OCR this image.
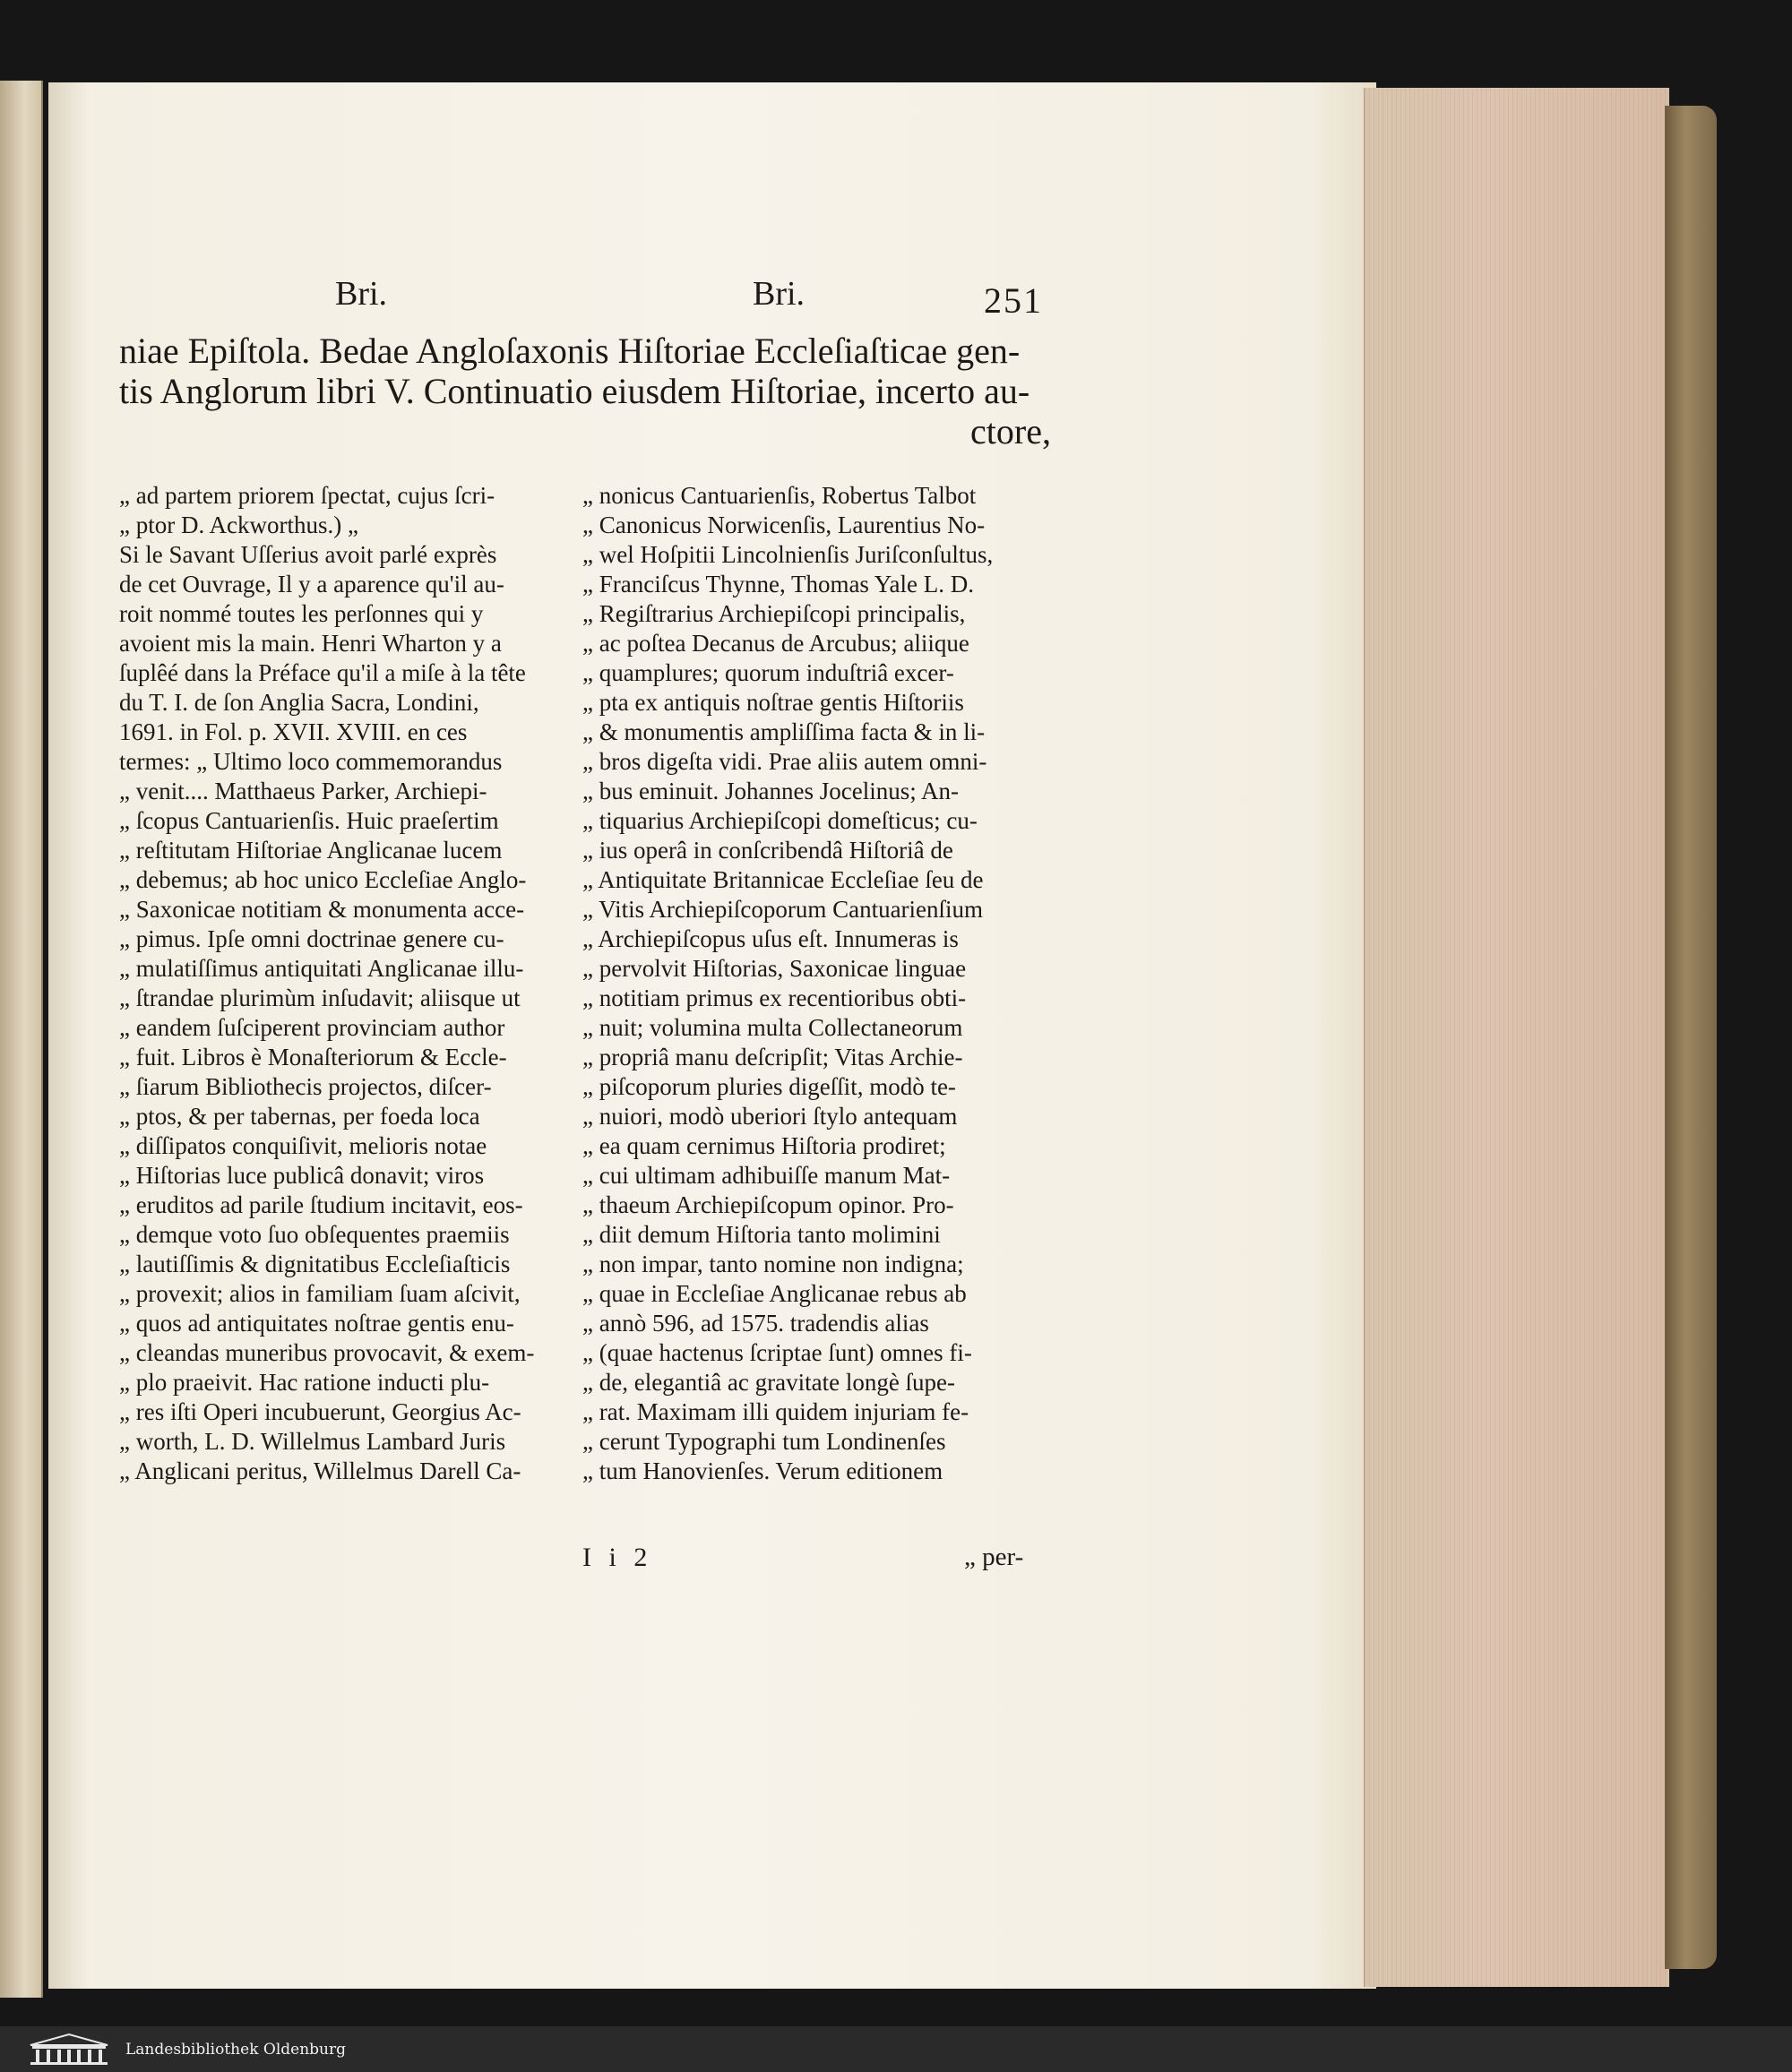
Bri.	Bri.	251
niae Epiſtola. Bedae Angloſaxonis Hiſtoriae Eccleſiaſticae gen-
tis Anglorum libri V. Continuatio eiusdem Hiſtoriae, incerto au-
ctore,
„ ad partem priorem ſpectat, cujus ſcri-
„ ptor D. Ackworthus.) „
Si le Savant Uſſerius avoit parlé exprès
de cet Ouvrage, Il y a aparence qu'il au-
roit nommé toutes les perſonnes qui y
avoient mis la main. Henri Wharton y a
ſuplêé dans la Préface qu'il a miſe à la tête
du T. I. de ſon Anglia Sacra, Londini,
1691. in Fol. p. XVII. XVIII. en ces
termes: „ Ultimo loco commemorandus
„ venit.... Matthaeus Parker, Archiepi-
„ ſcopus Cantuarienſis. Huic praeſertim
„ reſtitutam Hiſtoriae Anglicanae lucem
„ debemus; ab hoc unico Eccleſiae Anglo-
„ Saxonicae notitiam & monumenta acce-
„ pimus. Ipſe omni doctrinae genere cu-
„ mulatiſſimus antiquitati Anglicanae illu-
„ ſtrandae plurimùm inſudavit; aliisque ut
„ eandem ſuſciperent provinciam author
„ fuit. Libros è Monaſteriorum & Eccle-
„ ſiarum Bibliothecis projectos, diſcer-
„ ptos, & per tabernas, per foeda loca
„ diſſipatos conquiſivit, melioris notae
„ Hiſtorias luce publicâ donavit; viros
„ eruditos ad parile ſtudium incitavit, eos-
„ demque voto ſuo obſequentes praemiis
„ lautiſſimis & dignitatibus Eccleſiaſticis
„ provexit; alios in familiam ſuam aſcivit,
„ quos ad antiquitates noſtrae gentis enu-
„ cleandas muneribus provocavit, & exem-
„ plo praeivit. Hac ratione inducti plu-
„ res iſti Operi incubuerunt, Georgius Ac-
„ worth, L. D. Willelmus Lambard Juris
„ Anglicani peritus, Willelmus Darell Ca-
„ nonicus Cantuarienſis, Robertus Talbot
„ Canonicus Norwicenſis, Laurentius No-
„ wel Hoſpitii Lincolnienſis Juriſconſultus,
„ Franciſcus Thynne, Thomas Yale L. D.
„ Regiſtrarius Archiepiſcopi principalis,
„ ac poſtea Decanus de Arcubus; aliique
„ quamplures; quorum induſtriâ excer-
„ pta ex antiquis noſtrae gentis Hiſtoriis
„ & monumentis ampliſſima facta & in li-
„ bros digeſta vidi. Prae aliis autem omni-
„ bus eminuit. Johannes Jocelinus; An-
„ tiquarius Archiepiſcopi domeſticus; cu-
„ ius operâ in conſcribendâ Hiſtoriâ de
„ Antiquitate Britannicae Eccleſiae ſeu de
„ Vitis Archiepiſcoporum Cantuarienſium
„ Archiepiſcopus uſus eſt. Innumeras is
„ pervolvit Hiſtorias, Saxonicae linguae
„ notitiam primus ex recentioribus obti-
„ nuit; volumina multa Collectaneorum
„ propriâ manu deſcripſit; Vitas Archie-
„ piſcoporum pluries digeſſit, modò te-
„ nuiori, modò uberiori ſtylo antequam
„ ea quam cernimus Hiſtoria prodiret;
„ cui ultimam adhibuiſſe manum Mat-
„ thaeum Archiepiſcopum opinor. Pro-
„ diit demum Hiſtoria tanto molimini
„ non impar, tanto nomine non indigna;
„ quae in Eccleſiae Anglicanae rebus ab
„ annò 596, ad 1575. tradendis alias
„ (quae hactenus ſcriptae ſunt) omnes fi-
„ de, elegantiâ ac gravitate longè ſupe-
„ rat. Maximam illi quidem injuriam fe-
„ cerunt Typographi tum Londinenſes
„ tum Hanovienſes. Verum editionem
I i 2	„ per-
Landesbibliothek Oldenburg
